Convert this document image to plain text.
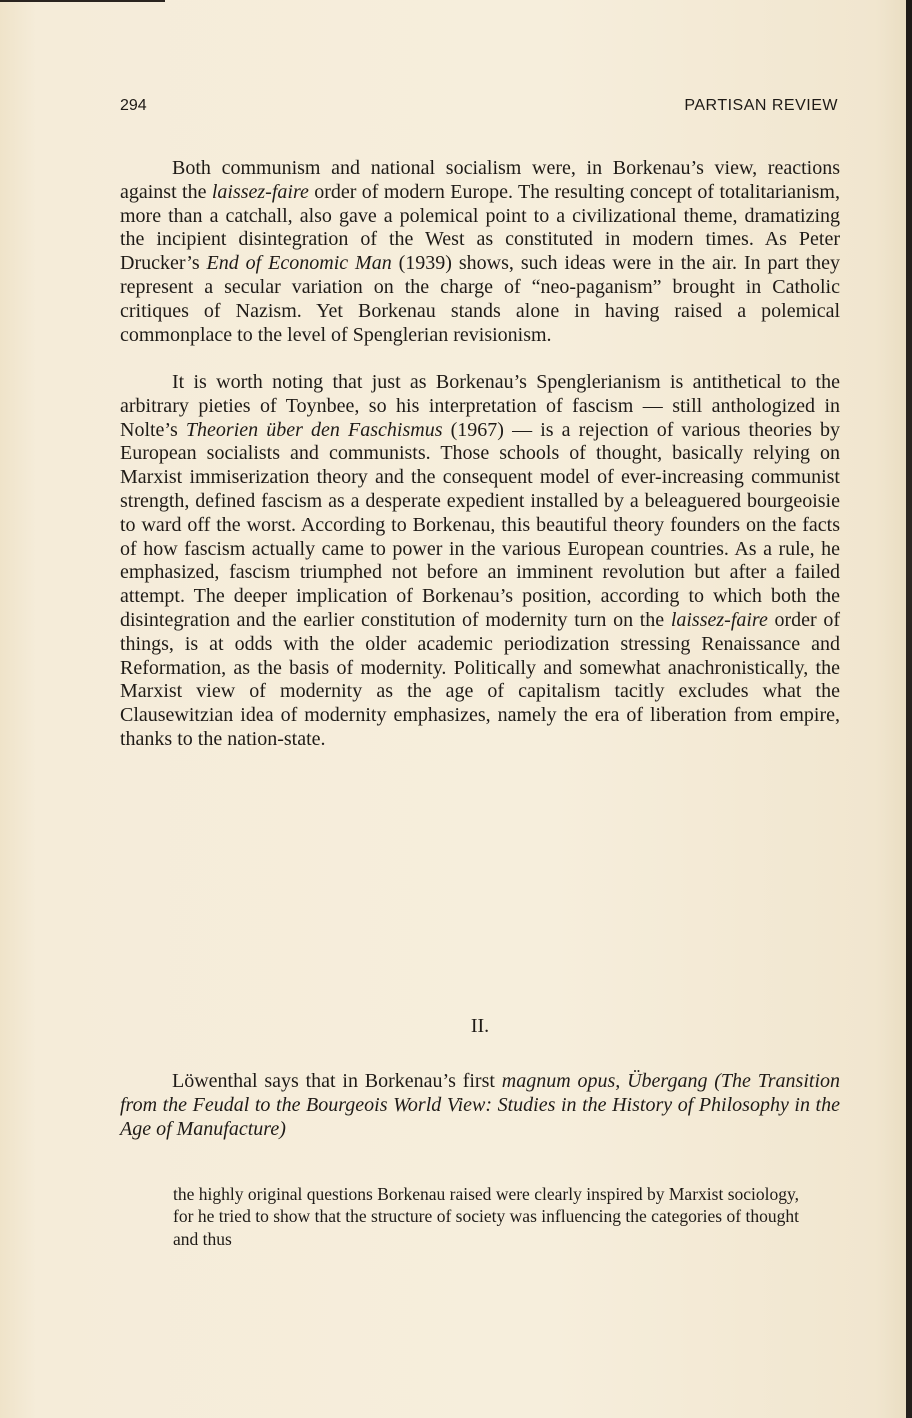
294	PARTISAN REVIEW

Both communism and national socialism were, in Borkenau’s view, reactions against the laissez-faire order of modern Europe. The resulting concept of totalitarianism, more than a catchall, also gave a polemical point to a civilizational theme, dramatizing the incipient disintegration of the West as constituted in modern times. As Peter Drucker’s End of Economic Man (1939) shows, such ideas were in the air. In part they represent a secular variation on the charge of “neo-paganism” brought in Catholic critiques of Nazism. Yet Borkenau stands alone in having raised a polemical commonplace to the level of Spenglerian revisionism.

It is worth noting that just as Borkenau’s Spenglerianism is antithetical to the arbitrary pieties of Toynbee, so his interpretation of fascism — still anthologized in Nolte’s Theorien über den Faschismus (1967) — is a rejection of various theories by European socialists and communists. Those schools of thought, basically relying on Marxist immiserization theory and the consequent model of ever-increasing communist strength, defined fascism as a desperate expedient installed by a beleaguered bourgeoisie to ward off the worst. According to Borkenau, this beautiful theory founders on the facts of how fascism actually came to power in the various European countries. As a rule, he emphasized, fascism triumphed not before an imminent revolution but after a failed attempt. The deeper implication of Borkenau’s position, according to which both the disintegration and the earlier constitution of modernity turn on the laissez-faire order of things, is at odds with the older academic periodization stressing Renaissance and Reformation, as the basis of modernity. Politically and somewhat anachronistically, the Marxist view of modernity as the age of capitalism tacitly excludes what the Clausewitzian idea of modernity emphasizes, namely the era of liberation from empire, thanks to the nation-state.

II.

Löwenthal says that in Borkenau’s first magnum opus, Übergang (The Transition from the Feudal to the Bourgeois World View: Studies in the History of Philosophy in the Age of Manufacture)

the highly original questions Borkenau raised were clearly inspired by Marxist sociology, for he tried to show that the structure of society was influencing the categories of thought and thus
